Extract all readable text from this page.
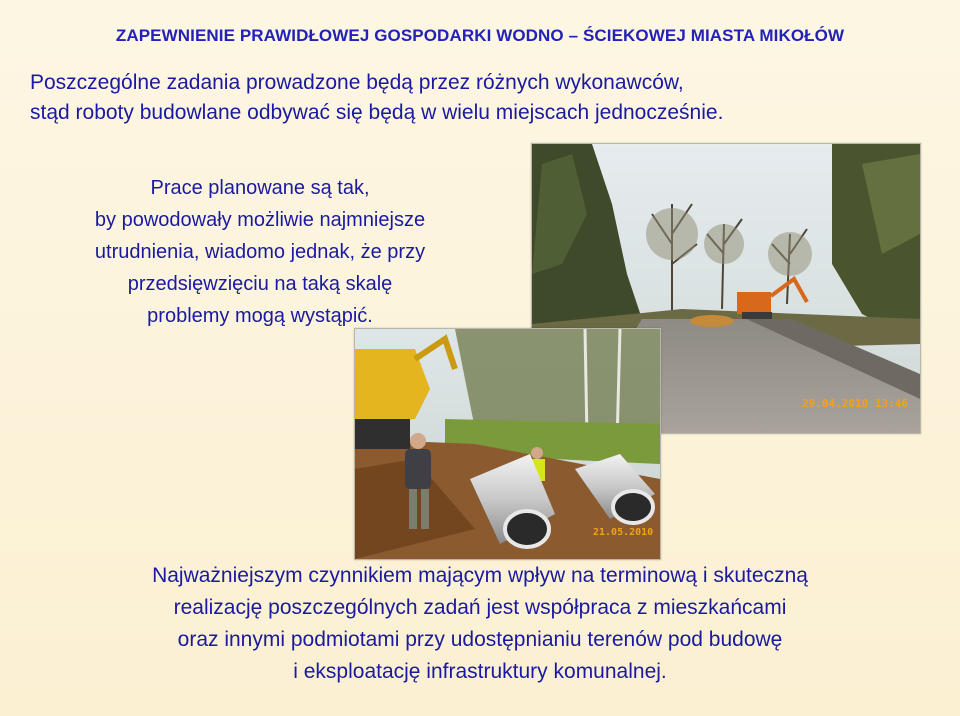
ZAPEWNIENIE PRAWIDŁOWEJ GOSPODARKI WODNO – ŚCIEKOWEJ MIASTA MIKOŁÓW
Poszczególne zadania prowadzone będą przez różnych wykonawców,
stąd roboty budowlane odbywać się będą w wielu miejscach jednocześnie.
Prace planowane są tak,
by powodowały możliwie najmniejsze
utrudnienia, wiadomo jednak, że przy
przedsięwzięciu na taką skalę
problemy mogą wystąpić.
29.04.2010 13:46
21.05.2010
Najważniejszym czynnikiem mającym wpływ na terminową i skuteczną
realizację poszczególnych zadań jest współpraca z mieszkańcami
oraz innymi podmiotami przy udostępnianiu terenów pod budowę
i eksploatację infrastruktury komunalnej.
